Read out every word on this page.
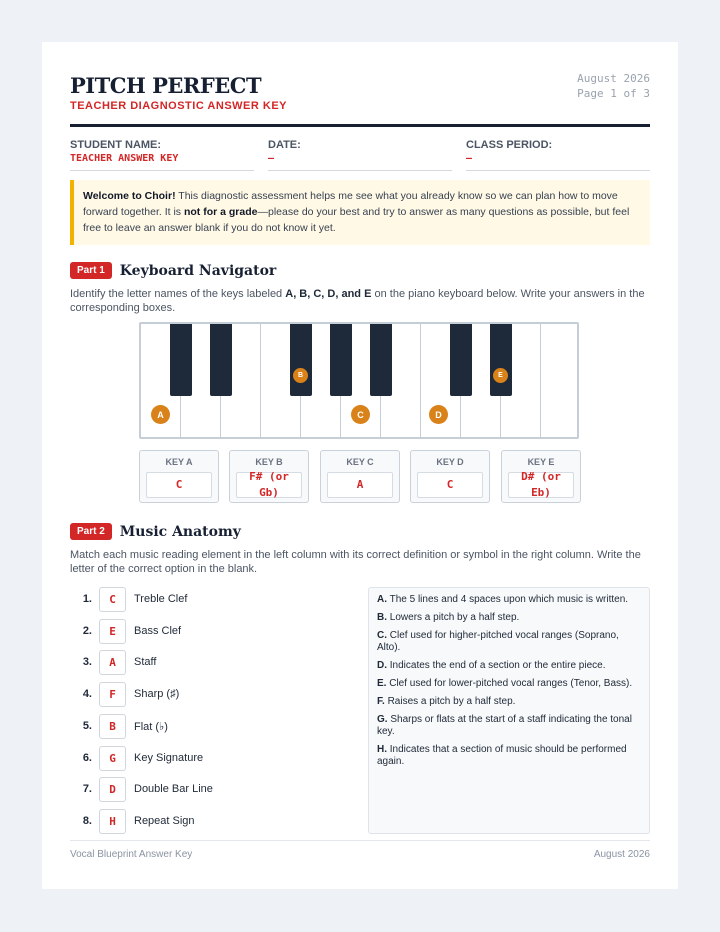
PITCH PERFECT
TEACHER DIAGNOSTIC ANSWER KEY
August 2026
Page 1 of 3
STUDENT NAME:
TEACHER ANSWER KEY
DATE:
—
CLASS PERIOD:
—
Welcome to Choir! This diagnostic assessment helps me see what you already know so we can plan how to move forward together. It is not for a grade—please do your best and try to answer as many questions as possible, but feel free to leave an answer blank if you do not know it yet.
Part 1	Keyboard Navigator
Identify the letter names of the keys labeled A, B, C, D, and E on the piano keyboard below. Write your answers in the corresponding boxes.
A
B
C	D
E
KEY A
C
KEY B
F# (or Gb)
KEY C
A
KEY D
C
KEY E
D# (or Eb)
Part 2	Music Anatomy
Match each music reading element in the left column with its correct definition or symbol in the right column. Write the letter of the correct option in the blank.
1.	C	Treble Clef
2.	E	Bass Clef
3.	A	Staff
4.	F	Sharp (♯)
5.	B	Flat (♭)
6.	G	Key Signature
7.	D	Double Bar Line
8.	H	Repeat Sign
A. The 5 lines and 4 spaces upon which music is written.
B. Lowers a pitch by a half step.
C. Clef used for higher-pitched vocal ranges (Soprano, Alto).
D. Indicates the end of a section or the entire piece.
E. Clef used for lower-pitched vocal ranges (Tenor, Bass).
F. Raises a pitch by a half step.
G. Sharps or flats at the start of a staff indicating the tonal key.
H. Indicates that a section of music should be performed again.
Vocal Blueprint Answer Key	August 2026
